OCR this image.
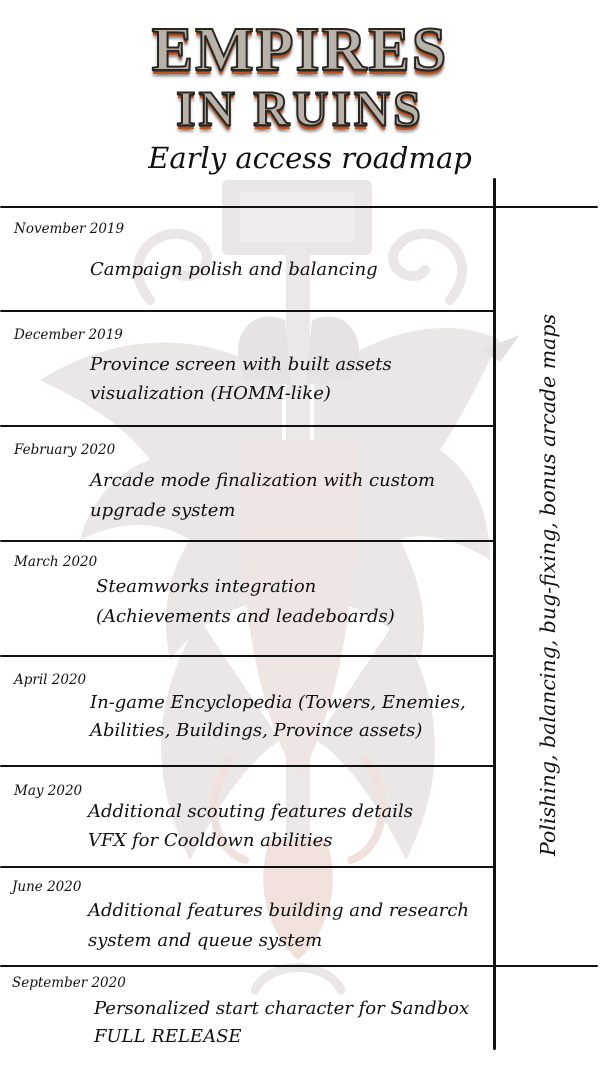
EMPIRES
IN RUINS
Early access roadmap
November 2019
Campaign polish and balancing
December 2019
Province screen with built assets
visualization (HOMM-like)
February 2020
Arcade mode finalization with custom
upgrade system
March 2020
Steamworks integration
(Achievements and leadeboards)
April 2020
In-game Encyclopedia (Towers, Enemies,
Abilities, Buildings, Province assets)
May 2020
Additional scouting features details
VFX for Cooldown abilities
June 2020
Additional features building and research
system and queue system
September 2020
Personalized start character for Sandbox
FULL RELEASE
Polishing, balancing, bug-fixing, bonus arcade maps
